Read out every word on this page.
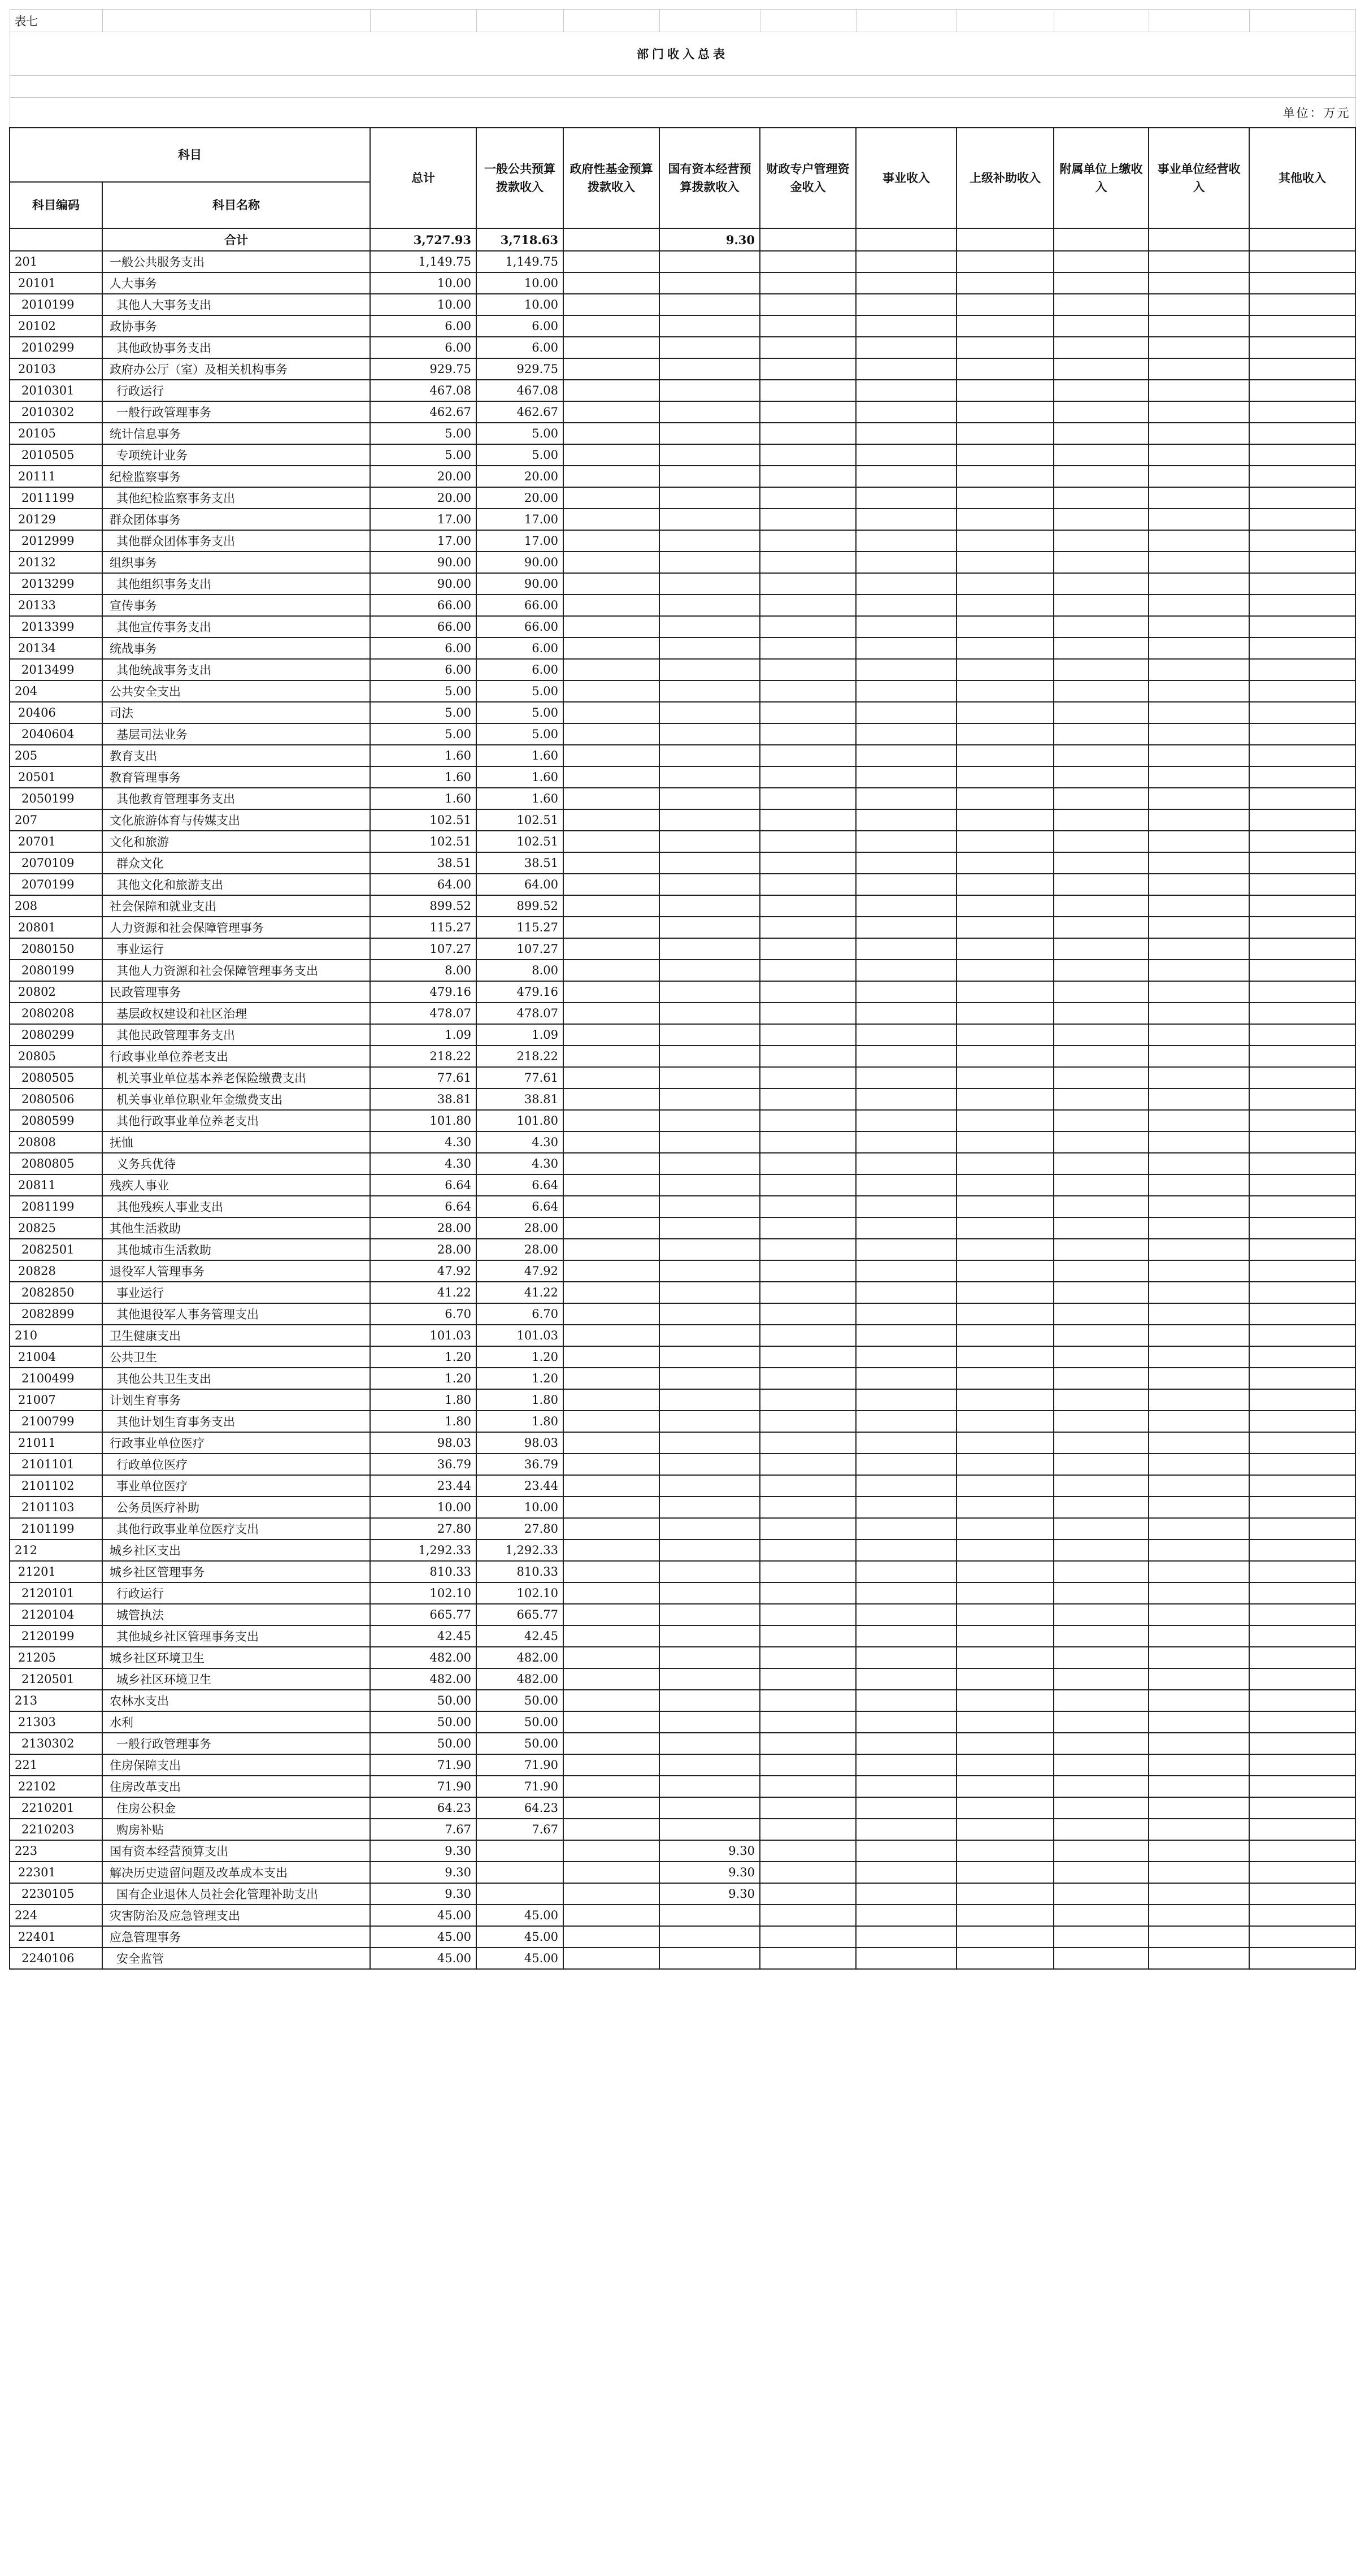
表七											
部门收入总表											

单位：万元											
科目		总计	一般公共预算拨款收入	政府性基金预算拨款收入	国有资本经营预算拨款收入	财政专户管理资金收入	事业收入	上级补助收入	附属单位上缴收入	事业单位经营收入	其他收入
科目编码	科目名称										
	合计	3,727.93	3,718.63		9.30						
201	一般公共服务支出	1,149.75	1,149.75								
20101	人大事务	10.00	10.00								
2010199	其他人大事务支出	10.00	10.00								
20102	政协事务	6.00	6.00								
2010299	其他政协事务支出	6.00	6.00								
20103	政府办公厅（室）及相关机构事务	929.75	929.75								
2010301	行政运行	467.08	467.08								
2010302	一般行政管理事务	462.67	462.67								
20105	统计信息事务	5.00	5.00								
2010505	专项统计业务	5.00	5.00								
20111	纪检监察事务	20.00	20.00								
2011199	其他纪检监察事务支出	20.00	20.00								
20129	群众团体事务	17.00	17.00								
2012999	其他群众团体事务支出	17.00	17.00								
20132	组织事务	90.00	90.00								
2013299	其他组织事务支出	90.00	90.00								
20133	宣传事务	66.00	66.00								
2013399	其他宣传事务支出	66.00	66.00								
20134	统战事务	6.00	6.00								
2013499	其他统战事务支出	6.00	6.00								
204	公共安全支出	5.00	5.00								
20406	司法	5.00	5.00								
2040604	基层司法业务	5.00	5.00								
205	教育支出	1.60	1.60								
20501	教育管理事务	1.60	1.60								
2050199	其他教育管理事务支出	1.60	1.60								
207	文化旅游体育与传媒支出	102.51	102.51								
20701	文化和旅游	102.51	102.51								
2070109	群众文化	38.51	38.51								
2070199	其他文化和旅游支出	64.00	64.00								
208	社会保障和就业支出	899.52	899.52								
20801	人力资源和社会保障管理事务	115.27	115.27								
2080150	事业运行	107.27	107.27								
2080199	其他人力资源和社会保障管理事务支出	8.00	8.00								
20802	民政管理事务	479.16	479.16								
2080208	基层政权建设和社区治理	478.07	478.07								
2080299	其他民政管理事务支出	1.09	1.09								
20805	行政事业单位养老支出	218.22	218.22								
2080505	机关事业单位基本养老保险缴费支出	77.61	77.61								
2080506	机关事业单位职业年金缴费支出	38.81	38.81								
2080599	其他行政事业单位养老支出	101.80	101.80								
20808	抚恤	4.30	4.30								
2080805	义务兵优待	4.30	4.30								
20811	残疾人事业	6.64	6.64								
2081199	其他残疾人事业支出	6.64	6.64								
20825	其他生活救助	28.00	28.00								
2082501	其他城市生活救助	28.00	28.00								
20828	退役军人管理事务	47.92	47.92								
2082850	事业运行	41.22	41.22								
2082899	其他退役军人事务管理支出	6.70	6.70								
210	卫生健康支出	101.03	101.03								
21004	公共卫生	1.20	1.20								
2100499	其他公共卫生支出	1.20	1.20								
21007	计划生育事务	1.80	1.80								
2100799	其他计划生育事务支出	1.80	1.80								
21011	行政事业单位医疗	98.03	98.03								
2101101	行政单位医疗	36.79	36.79								
2101102	事业单位医疗	23.44	23.44								
2101103	公务员医疗补助	10.00	10.00								
2101199	其他行政事业单位医疗支出	27.80	27.80								
212	城乡社区支出	1,292.33	1,292.33								
21201	城乡社区管理事务	810.33	810.33								
2120101	行政运行	102.10	102.10								
2120104	城管执法	665.77	665.77								
2120199	其他城乡社区管理事务支出	42.45	42.45								
21205	城乡社区环境卫生	482.00	482.00								
2120501	城乡社区环境卫生	482.00	482.00								
213	农林水支出	50.00	50.00								
21303	水利	50.00	50.00								
2130302	一般行政管理事务	50.00	50.00								
221	住房保障支出	71.90	71.90								
22102	住房改革支出	71.90	71.90								
2210201	住房公积金	64.23	64.23								
2210203	购房补贴	7.67	7.67								
223	国有资本经营预算支出	9.30			9.30						
22301	解决历史遗留问题及改革成本支出	9.30			9.30						
2230105	国有企业退休人员社会化管理补助支出	9.30			9.30						
224	灾害防治及应急管理支出	45.00	45.00								
22401	应急管理事务	45.00	45.00								
2240106	安全监管	45.00	45.00								
